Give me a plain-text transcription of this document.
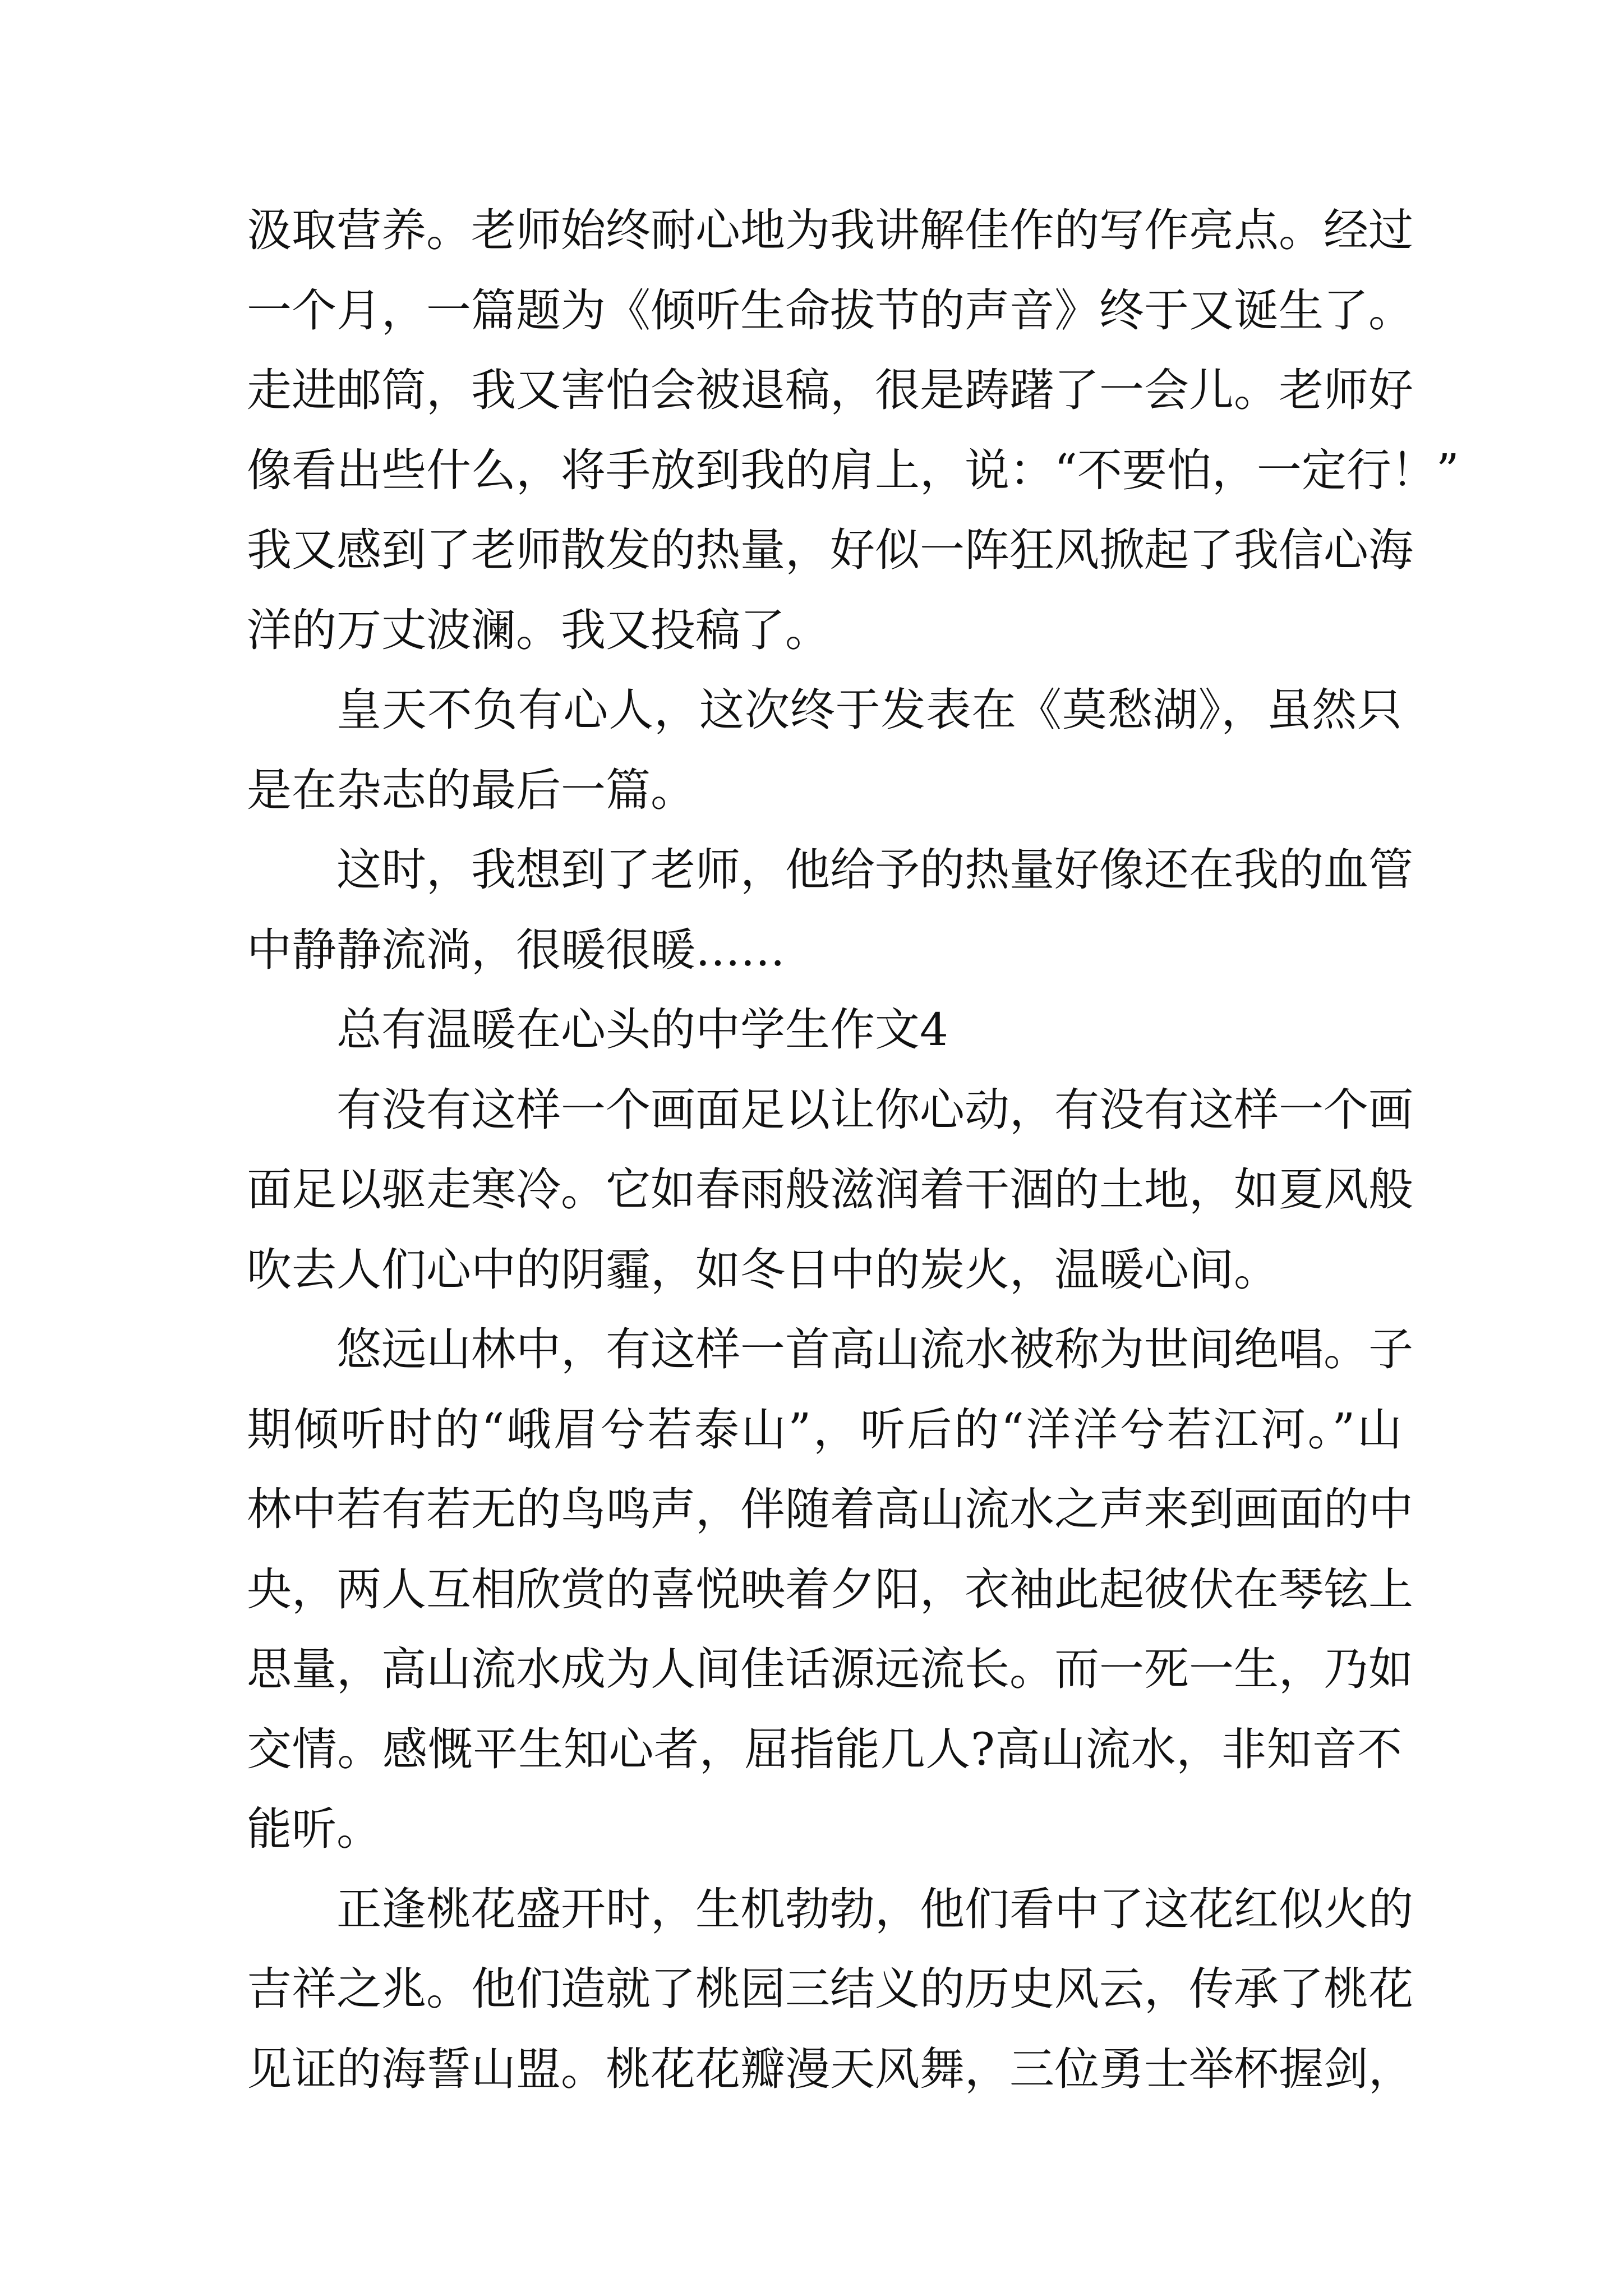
汲取营养。老师始终耐心地为我讲解佳作的写作亮点。经过
一个月，一篇题为《倾听生命拔节的声音》终于又诞生了。
走进邮筒，我又害怕会被退稿，很是踌躇了一会儿。老师好
像看出些什么，将手放到我的肩上，说：“不要怕，一定行！”
我又感到了老师散发的热量，好似一阵狂风掀起了我信心海
洋的万丈波澜。我又投稿了。
皇天不负有心人，这次终于发表在《莫愁湖》，虽然只
是在杂志的最后一篇。
这时，我想到了老师，他给予的热量好像还在我的血管
中静静流淌，很暖很暖……
总有温暖在心头的中学生作文4
有没有这样一个画面足以让你心动，有没有这样一个画
面足以驱走寒冷。它如春雨般滋润着干涸的土地，如夏风般
吹去人们心中的阴霾，如冬日中的炭火，温暖心间。
悠远山林中，有这样一首高山流水被称为世间绝唱。子
期倾听时的“峨眉兮若泰山”，听后的“洋洋兮若江河。”山
林中若有若无的鸟鸣声，伴随着高山流水之声来到画面的中
央，两人互相欣赏的喜悦映着夕阳，衣袖此起彼伏在琴铉上
思量，高山流水成为人间佳话源远流长。而一死一生，乃如
交情。感慨平生知心者，屈指能几人?高山流水，非知音不
能听。
正逢桃花盛开时，生机勃勃，他们看中了这花红似火的
吉祥之兆。他们造就了桃园三结义的历史风云，传承了桃花
见证的海誓山盟。桃花花瓣漫天风舞，三位勇士举杯握剑，
